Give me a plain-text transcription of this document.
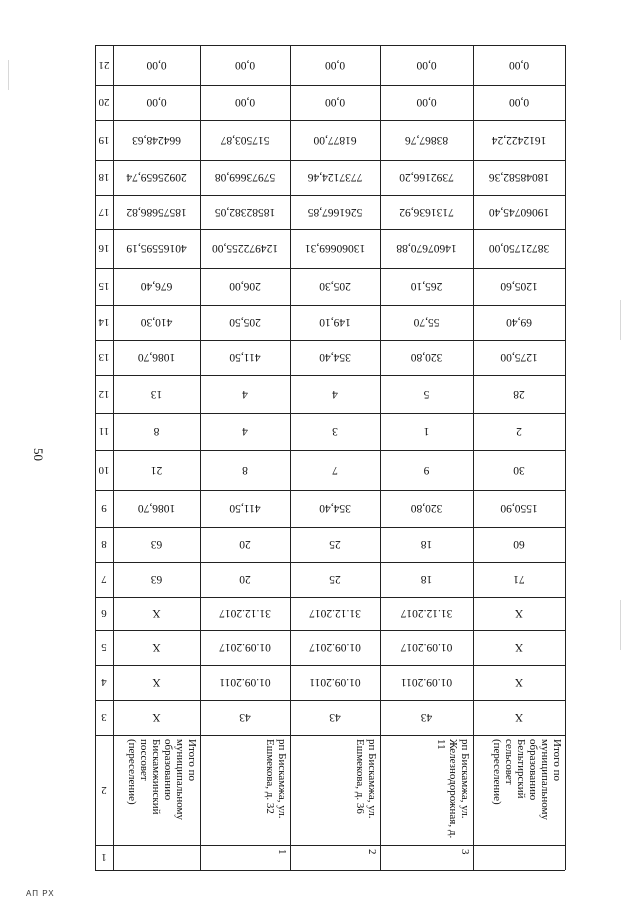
1
2
3
4
5
6
7
8
9
10
11
12
13
14
15
16
17
18
19
20
21
Итого по муниципальному образованию Бискамжинский поссовет (переселение)
X
X
X
X
63
63
1086,70
21
8
13
1086,70
410,30
676,40
40165595,19
18575686,82
20925659,74
664248,63
0,00
0,00
1
рп Бискамжа, ул. Ешмекова, д. 32
43
01.09.2011
01.09.2017
31.12.2017
20
20
411,50
8
4
4
411,50
205,50
206,00
124972255,00
18582382,05
57973669,08
517503,87
0,00
0,00
2
рп Бискамжа, ул. Ешмекова, д. 36
43
01.09.2011
01.09.2017
31.12.2017
25
25
354,40
7
3
4
354,40
149,10
205,30
13060669,31
5261667,85
7737124,46
61877,00
0,00
0,00
3
рп Бискамжа, ул. Железнодорожная, д. 11
43
01.09.2011
01.09.2017
31.12.2017
18
18
320,80
9
1
5
320,80
55,70
265,10
14607670,88
7131636,92
7392166,20
83867,76
0,00
0,00
Итого по муниципальному образованию Бельтирский сельсовет (переселение)
X
X
X
X
71
60
1550,90
30
2
28
1275,00
69,40
1205,60
38721750,00
19060745,40
18048582,36
1612422,24
0,00
0,00
50
АП РХ
